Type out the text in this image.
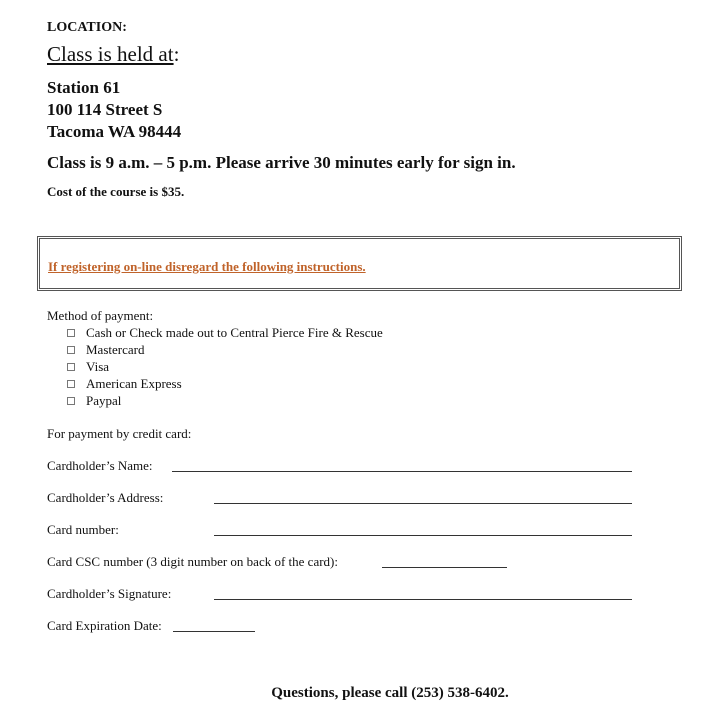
LOCATION:
Class is held at:
Station 61
100 114 Street S
Tacoma WA 98444
Class is 9 a.m. – 5 p.m. Please arrive 30 minutes early for sign in.
Cost of the course is $35.
If registering on-line disregard the following instructions.
Method of payment:
Cash or Check made out to Central Pierce Fire & Rescue
Mastercard
Visa
American Express
Paypal
For payment by credit card:
Cardholder’s Name:
Cardholder’s Address:
Card number:
Card CSC number (3 digit number on back of the card):
Cardholder’s Signature:
Card Expiration Date:
Questions, please call (253) 538-6402.
